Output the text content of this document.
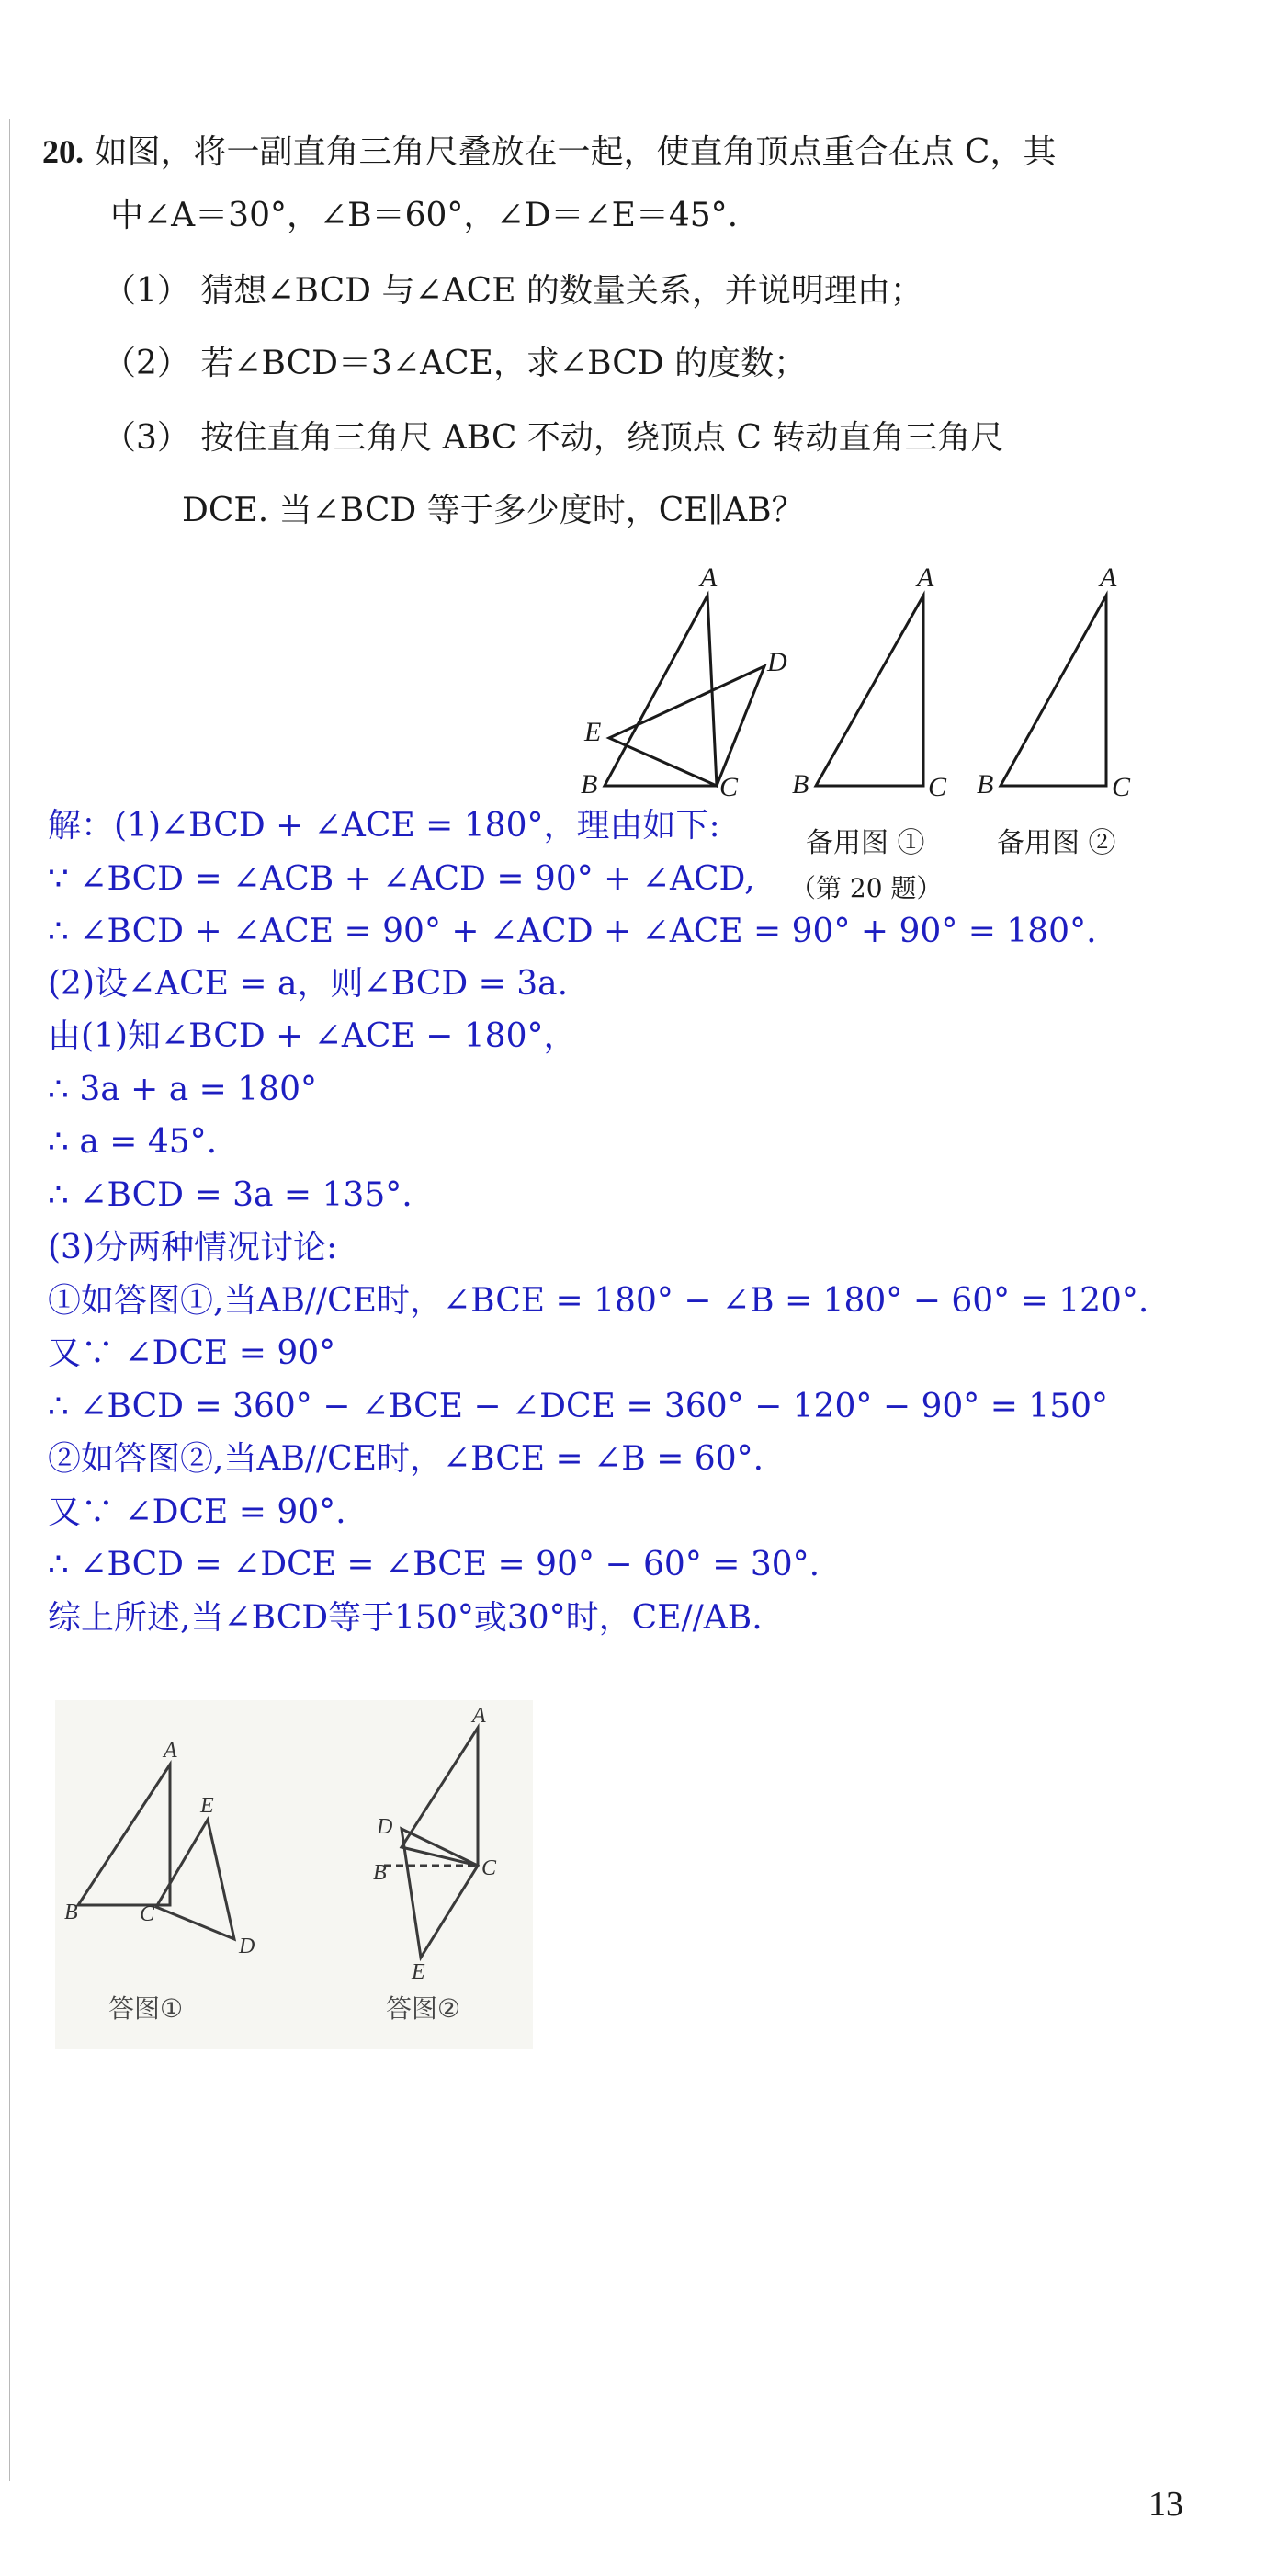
20. 如图，将一副直角三角尺叠放在一起，使直角顶点重合在点 C，其
中∠A＝30°，∠B＝60°，∠D＝∠E＝45°.
（1） 猜想∠BCD 与∠ACE 的数量关系，并说明理由；
（2） 若∠BCD＝3∠ACE，求∠BCD 的度数；
（3） 按住直角三角尺 ABC 不动，绕顶点 C 转动直角三角尺
DCE. 当∠BCD 等于多少度时，CE∥AB？
A
B	C
D
E
A
B	C
A
B	C
备用图 ①	备用图 ②
（第 20 题）
解：(1)∠BCD + ∠ACE = 180°，理由如下:
∵ ∠BCD = ∠ACB + ∠ACD = 90° + ∠ACD,
∴ ∠BCD + ∠ACE = 90° + ∠ACD + ∠ACE = 90° + 90° = 180°.
(2)设∠ACE = a，则∠BCD = 3a.
由(1)知∠BCD + ∠ACE − 180°，
∴ 3a + a = 180°
∴ a = 45°.
∴ ∠BCD = 3a = 135°.
(3)分两种情况讨论:
①如答图①,当AB//CE时，∠BCE = 180° − ∠B = 180° − 60° = 120°.
又∵ ∠DCE = 90°
∴ ∠BCD = 360° − ∠BCE − ∠DCE = 360° − 120° − 90° = 150°
②如答图②,当AB//CE时，∠BCE = ∠B = 60°.
又∵ ∠DCE = 90°.
∴ ∠BCD = ∠DCE = ∠BCE = 90° − 60° = 30°.
综上所述,当∠BCD等于150°或30°时，CE//AB.
A
B	C
D
E
A
B	C
D
E
答图①	答图②
13
